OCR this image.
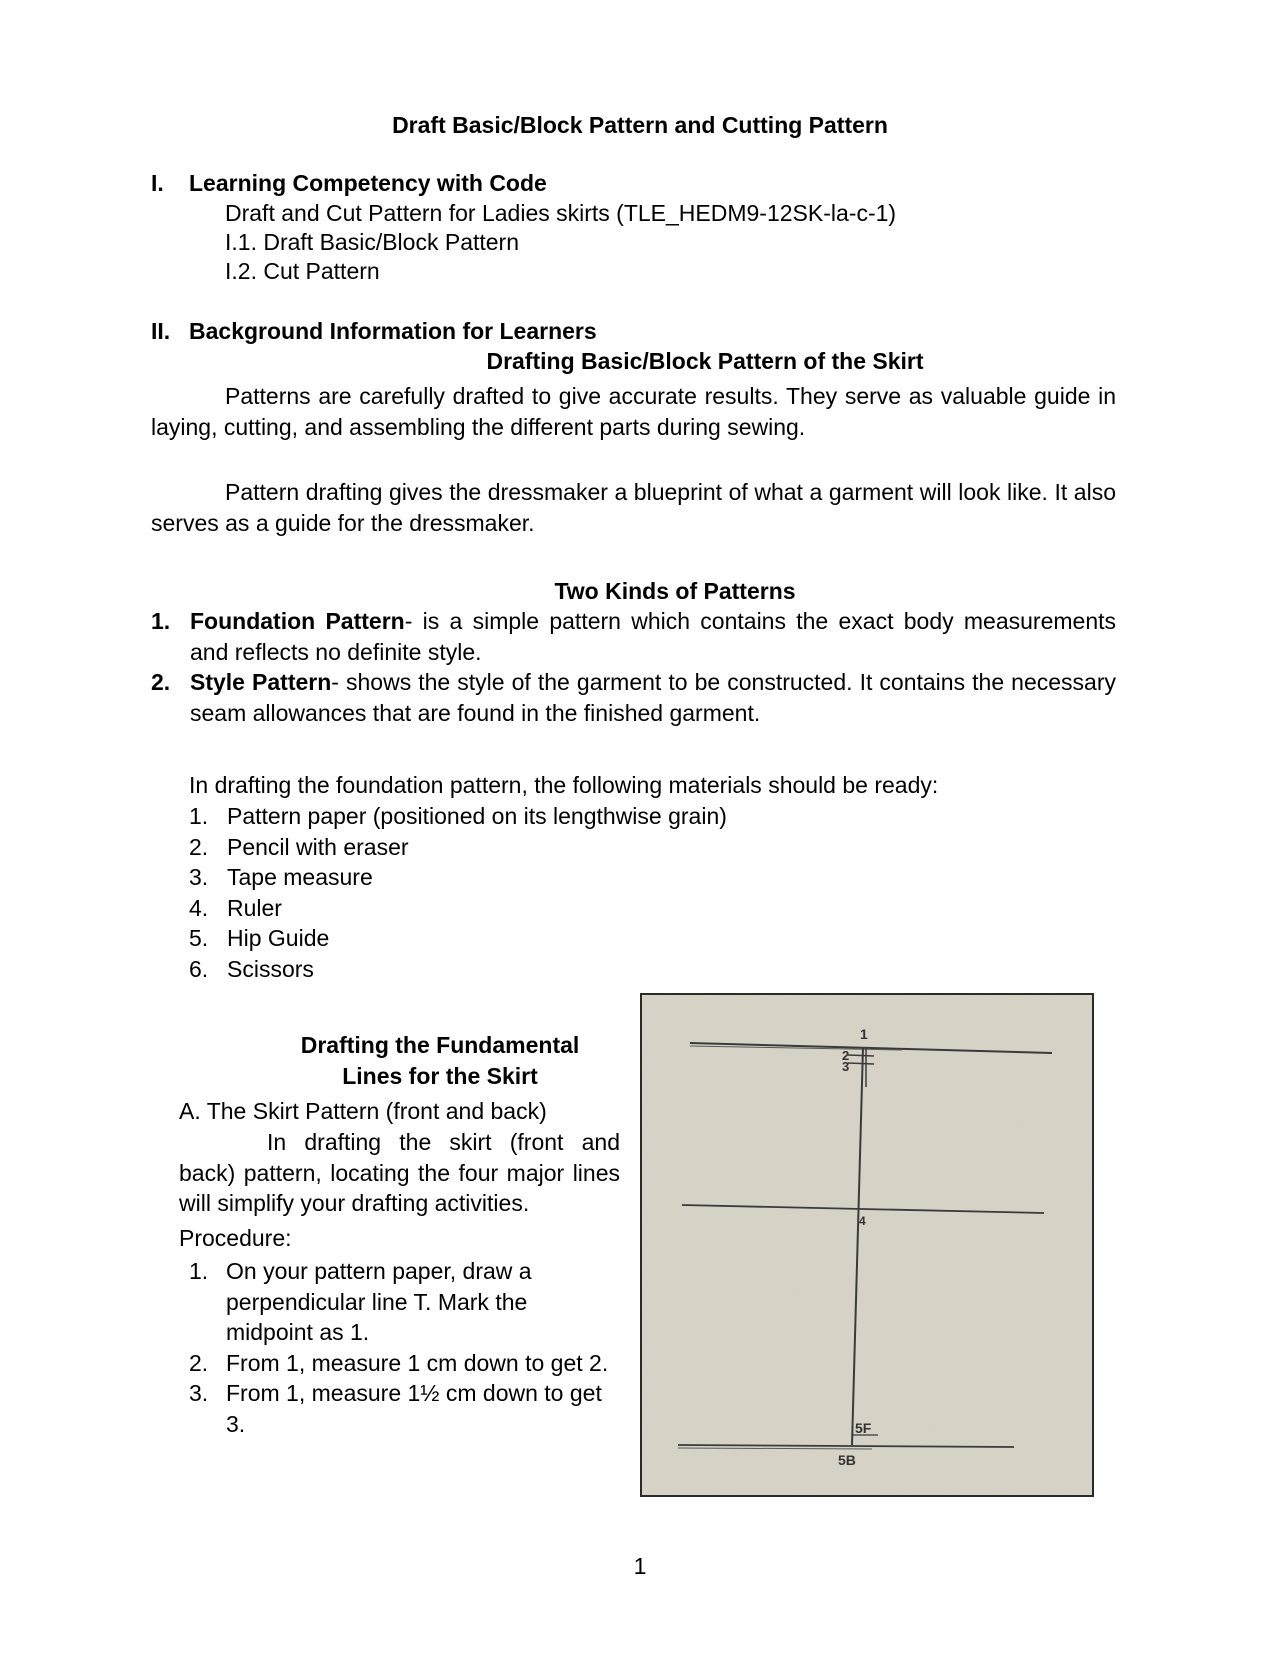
Draft Basic/Block Pattern and Cutting Pattern
I. Learning Competency with Code
Draft and Cut Pattern for Ladies skirts (TLE_HEDM9-12SK-la-c-1)
I.1. Draft Basic/Block Pattern
I.2. Cut Pattern
II. Background Information for Learners
Drafting Basic/Block Pattern of the Skirt
Patterns are carefully drafted to give accurate results. They serve as valuable guide in laying, cutting, and assembling the different parts during sewing.
Pattern drafting gives the dressmaker a blueprint of what a garment will look like. It also serves as a guide for the dressmaker.
Two Kinds of Patterns
1. Foundation Pattern- is a simple pattern which contains the exact body measurements and reflects no definite style.
2. Style Pattern- shows the style of the garment to be constructed. It contains the necessary seam allowances that are found in the finished garment.
In drafting the foundation pattern, the following materials should be ready:
1. Pattern paper (positioned on its lengthwise grain)
2. Pencil with eraser
3. Tape measure
4. Ruler
5. Hip Guide
6. Scissors
Drafting the Fundamental
Lines for the Skirt
A. The Skirt Pattern (front and back)
In drafting the skirt (front and back) pattern, locating the four major lines will simplify your drafting activities.
Procedure:
1. On your pattern paper, draw a perpendicular line T. Mark the midpoint as 1.
2. From 1, measure 1 cm down to get 2.
3. From 1, measure 1½ cm down to get 3.
1
2
3
4
5F
5B
1
